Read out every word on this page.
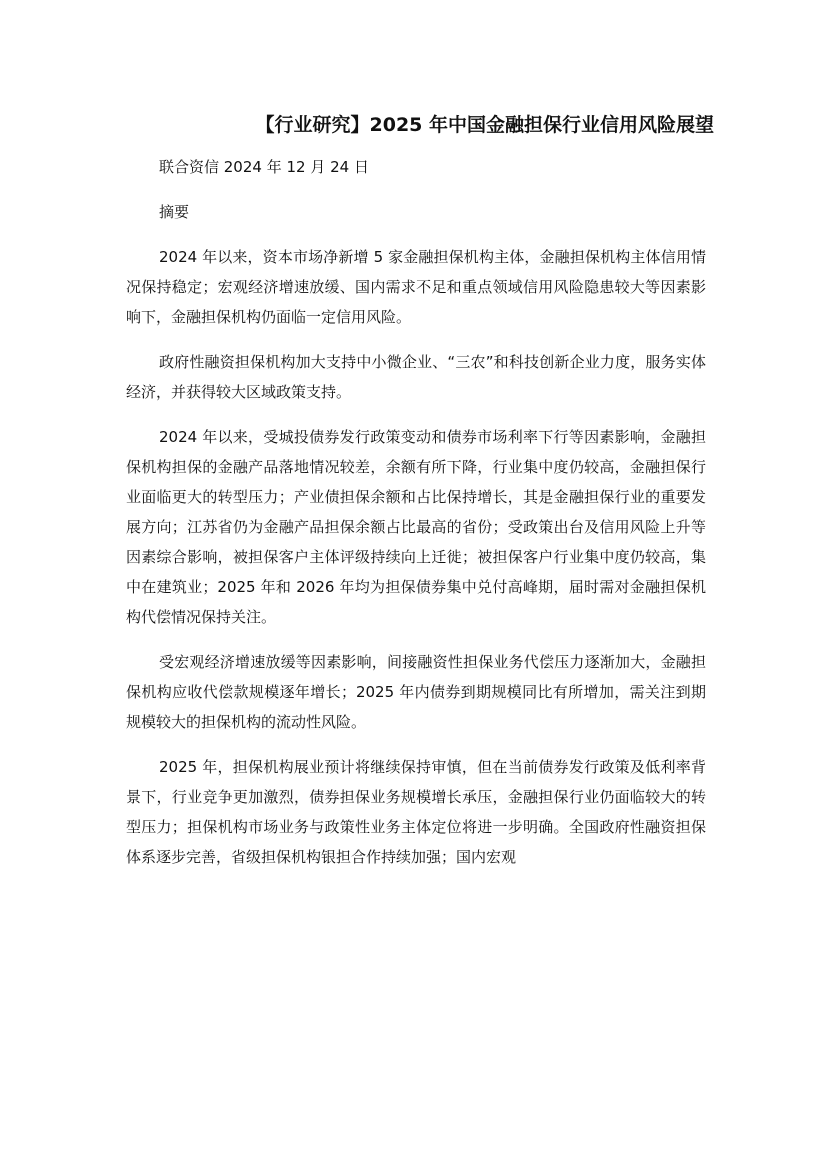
【行业研究】2025 年中国金融担保行业信用风险展望

联合资信 2024 年 12 月 24 日

摘要

2024 年以来，资本市场净新增 5 家金融担保机构主体，金融担保机构主体信用情况保持稳定；宏观经济增速放缓、国内需求不足和重点领域信用风险隐患较大等因素影响下，金融担保机构仍面临一定信用风险。

政府性融资担保机构加大支持中小微企业、“三农”和科技创新企业力度，服务实体经济，并获得较大区域政策支持。

2024 年以来，受城投债券发行政策变动和债券市场利率下行等因素影响，金融担保机构担保的金融产品落地情况较差，余额有所下降，行业集中度仍较高，金融担保行业面临更大的转型压力；产业债担保余额和占比保持增长，其是金融担保行业的重要发展方向；江苏省仍为金融产品担保余额占比最高的省份；受政策出台及信用风险上升等因素综合影响，被担保客户主体评级持续向上迁徙；被担保客户行业集中度仍较高，集中在建筑业；2025 年和 2026 年均为担保债券集中兑付高峰期，届时需对金融担保机构代偿情况保持关注。

受宏观经济增速放缓等因素影响，间接融资性担保业务代偿压力逐渐加大，金融担保机构应收代偿款规模逐年增长；2025 年内债券到期规模同比有所增加，需关注到期规模较大的担保机构的流动性风险。

2025 年，担保机构展业预计将继续保持审慎，但在当前债券发行政策及低利率背景下，行业竞争更加激烈，债券担保业务规模增长承压，金融担保行业仍面临较大的转型压力；担保机构市场业务与政策性业务主体定位将进一步明确。全国政府性融资担保体系逐步完善，省级担保机构银担合作持续加强；国内宏观
